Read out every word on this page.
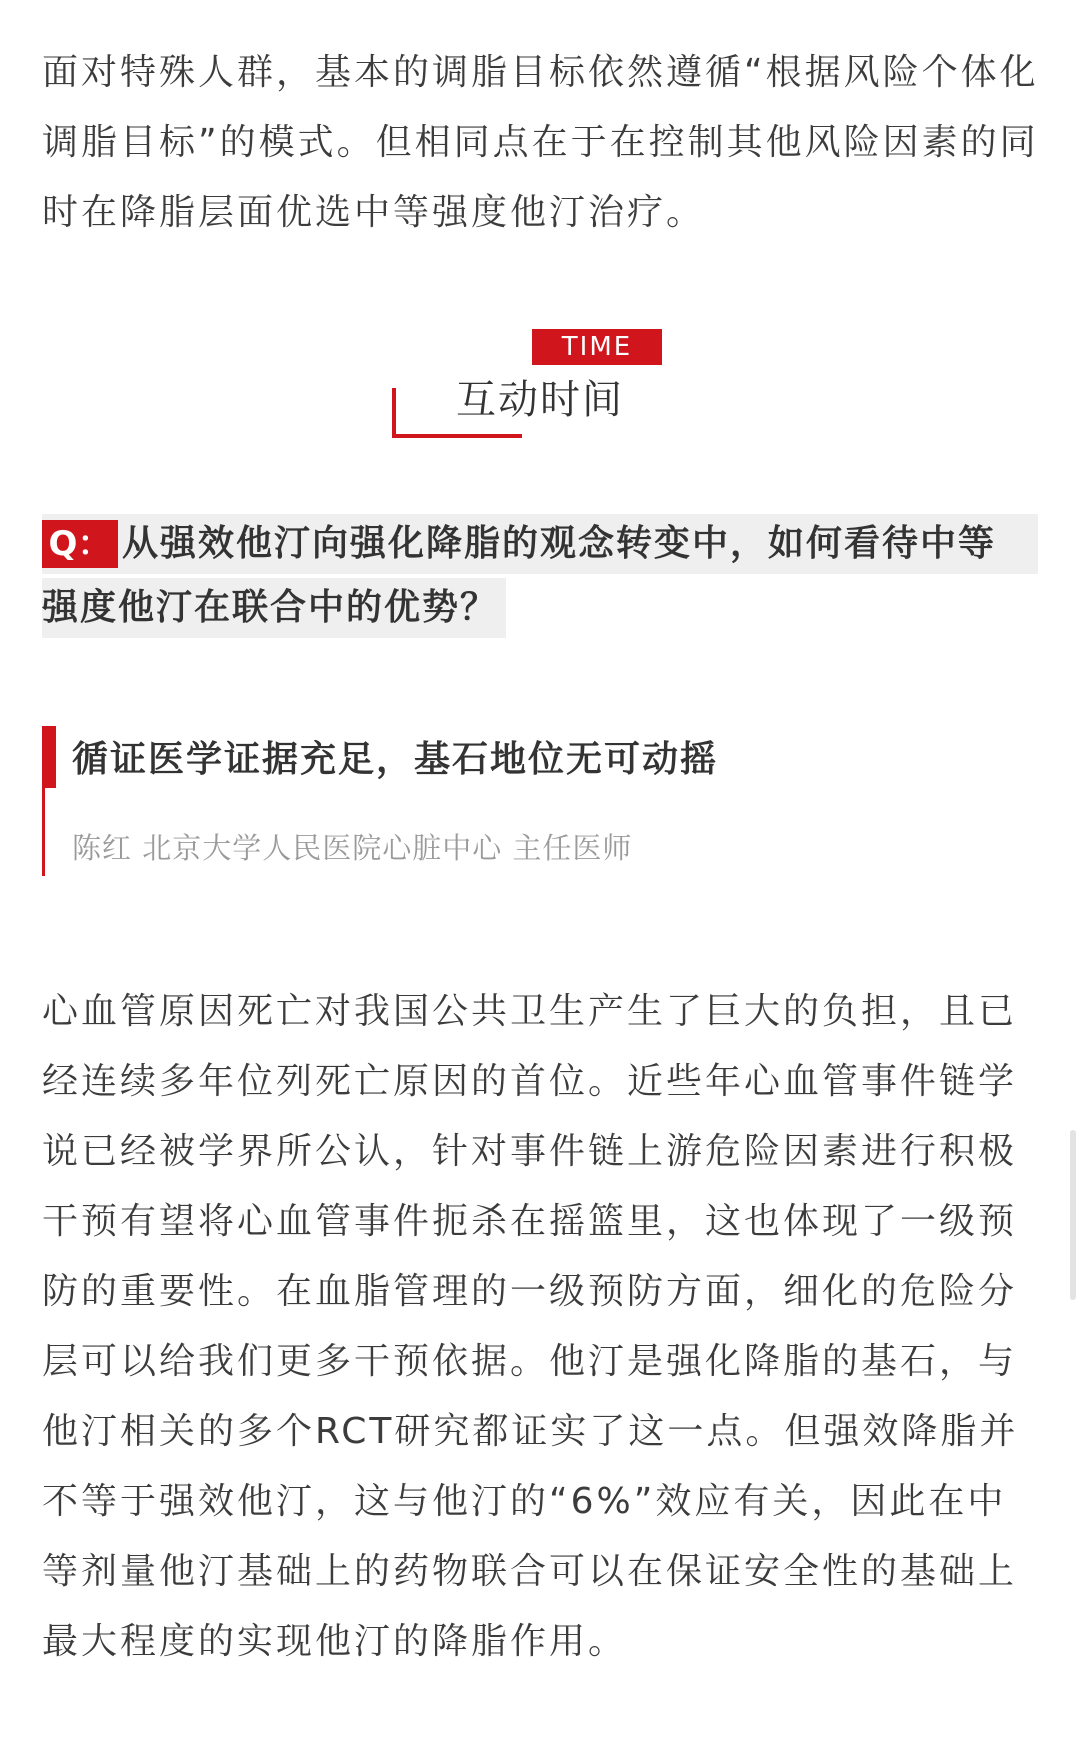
面对特殊人群，基本的调脂目标依然遵循“根据风险个体化调脂目标”的模式。但相同点在于在控制其他风险因素的同时在降脂层面优选中等强度他汀治疗。

TIME
互动时间
Q： 从强效他汀向强化降脂的观念转变中，如何看待中等
强度他汀在联合中的优势？
循证医学证据充足，基石地位无可动摇
陈红 北京大学人民医院心脏中心 主任医师

心血管原因死亡对我国公共卫生产生了巨大的负担，且已经连续多年位列死亡原因的首位。近些年心血管事件链学说已经被学界所公认，针对事件链上游危险因素进行积极干预有望将心血管事件扼杀在摇篮里，这也体现了一级预防的重要性。在血脂管理的一级预防方面，细化的危险分层可以给我们更多干预依据。他汀是强化降脂的基石，与他汀相关的多个RCT研究都证实了这一点。但强效降脂并不等于强效他汀，这与他汀的“6%”效应有关，因此在中等剂量他汀基础上的药物联合可以在保证安全性的基础上最大程度的实现他汀的降脂作用。
